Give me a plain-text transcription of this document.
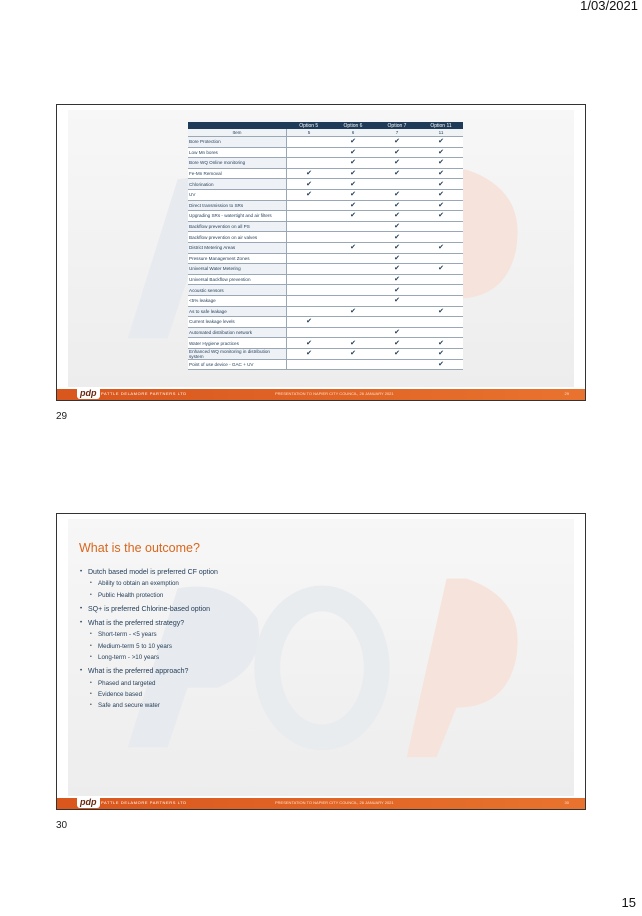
1/03/2021
	Option 5	Option 6	Option 7	Option 11
Item	5	6	7	11
Bore Protection		✔	✔	✔
Low Mn bores		✔	✔	✔
Bore WQ Online monitoring		✔	✔	✔
Fe-Mn Removal	✔	✔	✔	✔
Chlorination	✔	✔		✔
UV	✔	✔	✔	✔
Direct transmission to SRs		✔	✔	✔
Upgrading SRs - watertight and air filters		✔	✔	✔
Backflow prevention on all PS			✔	
Backflow prevention on air valves			✔	
District Metering Areas		✔	✔	✔
Pressure Management Zones			✔	
Universal Water Metering			✔	✔
Universal Backflow prevention			✔	
Acoustic sensors			✔	
<5% leakage			✔	
As to safe leakage		✔		✔
Current leakage levels	✔			
Automated distribution network			✔	
Water Hygiene practices	✔	✔	✔	✔
Enhanced WQ monitoring in distribution system	✔	✔	✔	✔
Point of use device - GAC + UV				✔
pdp	PATTLE DELAMORE PARTNERS LTD	PRESENTATION TO NAPIER CITY COUNCIL, 26 JANUARY 2021	29
29
What is the outcome?
• Dutch based model is preferred CF option
• Ability to obtain an exemption
• Public Health protection
• SQ+ is preferred Chlorine-based option
• What is the preferred strategy?
• Short-term - <5 years
• Medium-term 5 to 10 years
• Long-term - >10 years
• What is the preferred approach?
• Phased and targeted
• Evidence based
• Safe and secure water
pdp	PATTLE DELAMORE PARTNERS LTD	PRESENTATION TO NAPIER CITY COUNCIL, 26 JANUARY 2021	30
30
15
